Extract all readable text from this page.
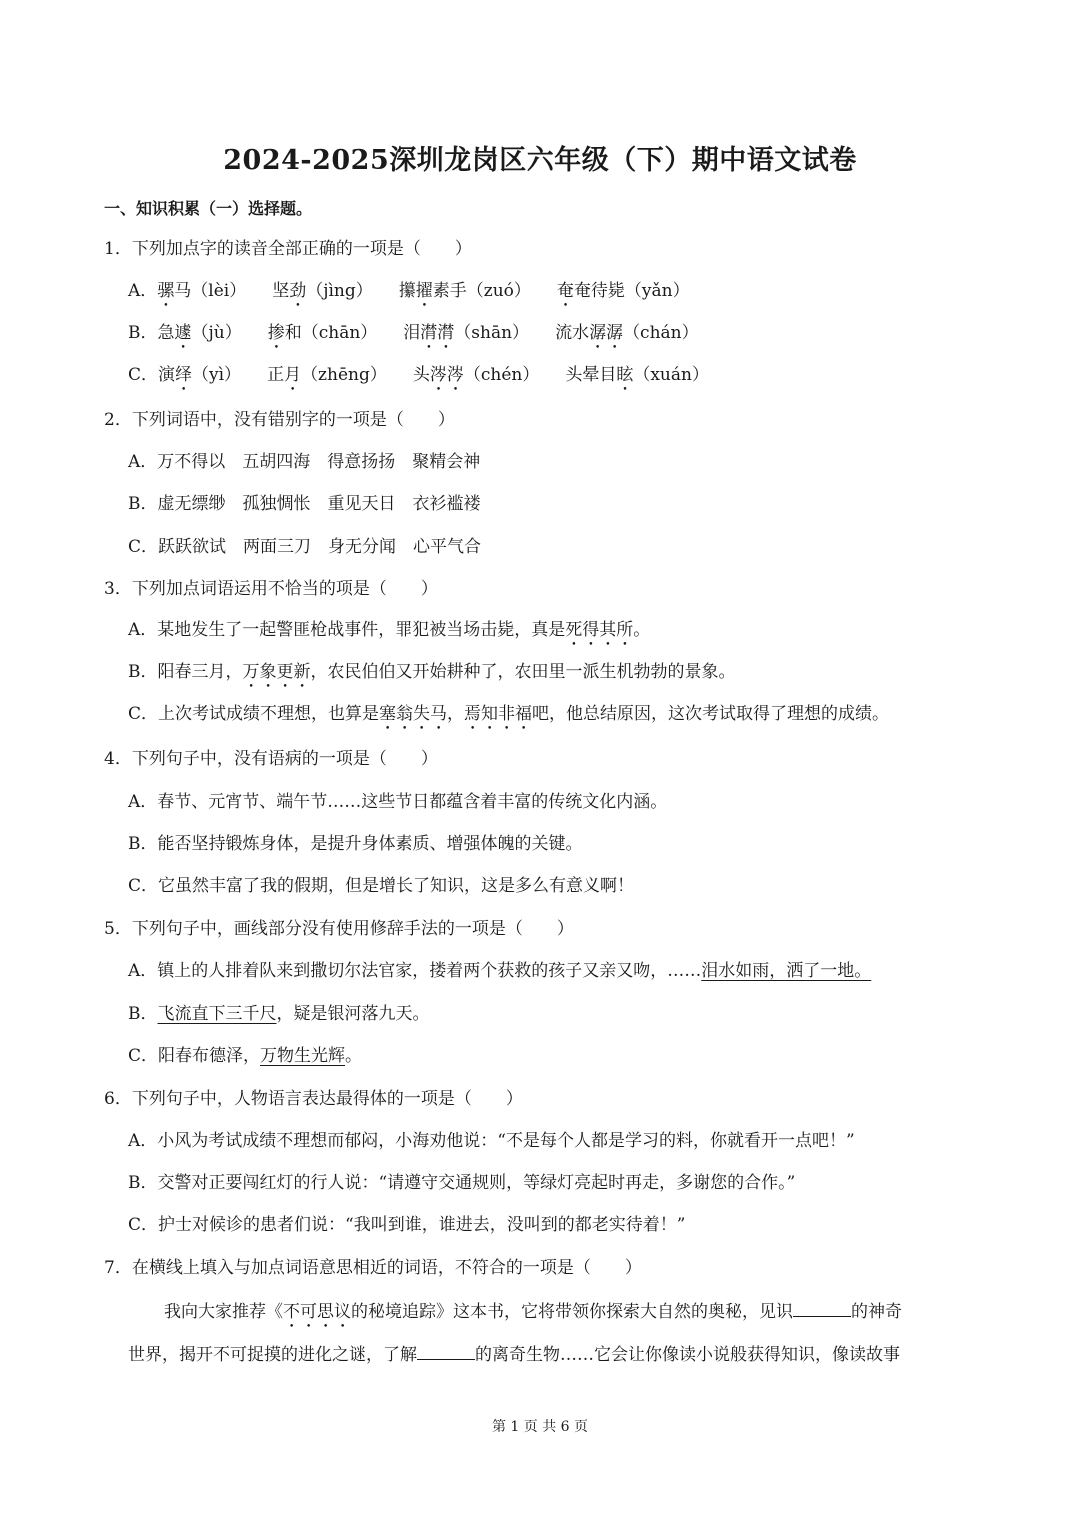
2024-2025深圳龙岗区六年级（下）期中语文试卷
一、知识积累（一）选择题。
1．下列加点字的读音全部正确的一项是（　　）
A．骡马（lèi） 坚劲（jìng） 攥擢素手（zuó） 奄奄待毙（yǎn）
B．急遽（jù） 掺和（chān） 泪潸潸（shān） 流水潺潺（chán）
C．演绎（yì） 正月（zhēng） 头涔涔（chén） 头晕目眩（xuán）
2．下列词语中，没有错别字的一项是（　　）
A．万不得以　五胡四海　得意扬扬　聚精会神
B．虚无缥缈　孤独惆怅　重见天日　衣衫褴褛
C．跃跃欲试　两面三刀　身无分闻　心平气合
3．下列加点词语运用不恰当的项是（　　）
A．某地发生了一起警匪枪战事件，罪犯被当场击毙，真是死得其所。
B．阳春三月，万象更新，农民伯伯又开始耕种了，农田里一派生机勃勃的景象。
C．上次考试成绩不理想，也算是塞翁失马，焉知非福吧，他总结原因，这次考试取得了理想的成绩。
4．下列句子中，没有语病的一项是（　　）
A．春节、元宵节、端午节……这些节日都蕴含着丰富的传统文化内涵。
B．能否坚持锻炼身体，是提升身体素质、增强体魄的关键。
C．它虽然丰富了我的假期，但是增长了知识，这是多么有意义啊！
5．下列句子中，画线部分没有使用修辞手法的一项是（　　）
A．镇上的人排着队来到撒切尔法官家，搂着两个获救的孩子又亲又吻，……泪水如雨，洒了一地。
B．飞流直下三千尺，疑是银河落九天。
C．阳春布德泽，万物生光辉。
6．下列句子中，人物语言表达最得体的一项是（　　）
A．小风为考试成绩不理想而郁闷，小海劝他说：“不是每个人都是学习的料，你就看开一点吧！”
B．交警对正要闯红灯的行人说：“请遵守交通规则，等绿灯亮起时再走，多谢您的合作。”
C．护士对候诊的患者们说：“我叫到谁，谁进去，没叫到的都老实待着！”
7．在横线上填入与加点词语意思相近的词语，不符合的一项是（　　）
我向大家推荐《不可思议的秘境追踪》这本书，它将带领你探索大自然的奥秘，见识	的神奇
世界，揭开不可捉摸的进化之谜，了解	的离奇生物……它会让你像读小说般获得知识，像读故事
第 1 页 共 6 页
